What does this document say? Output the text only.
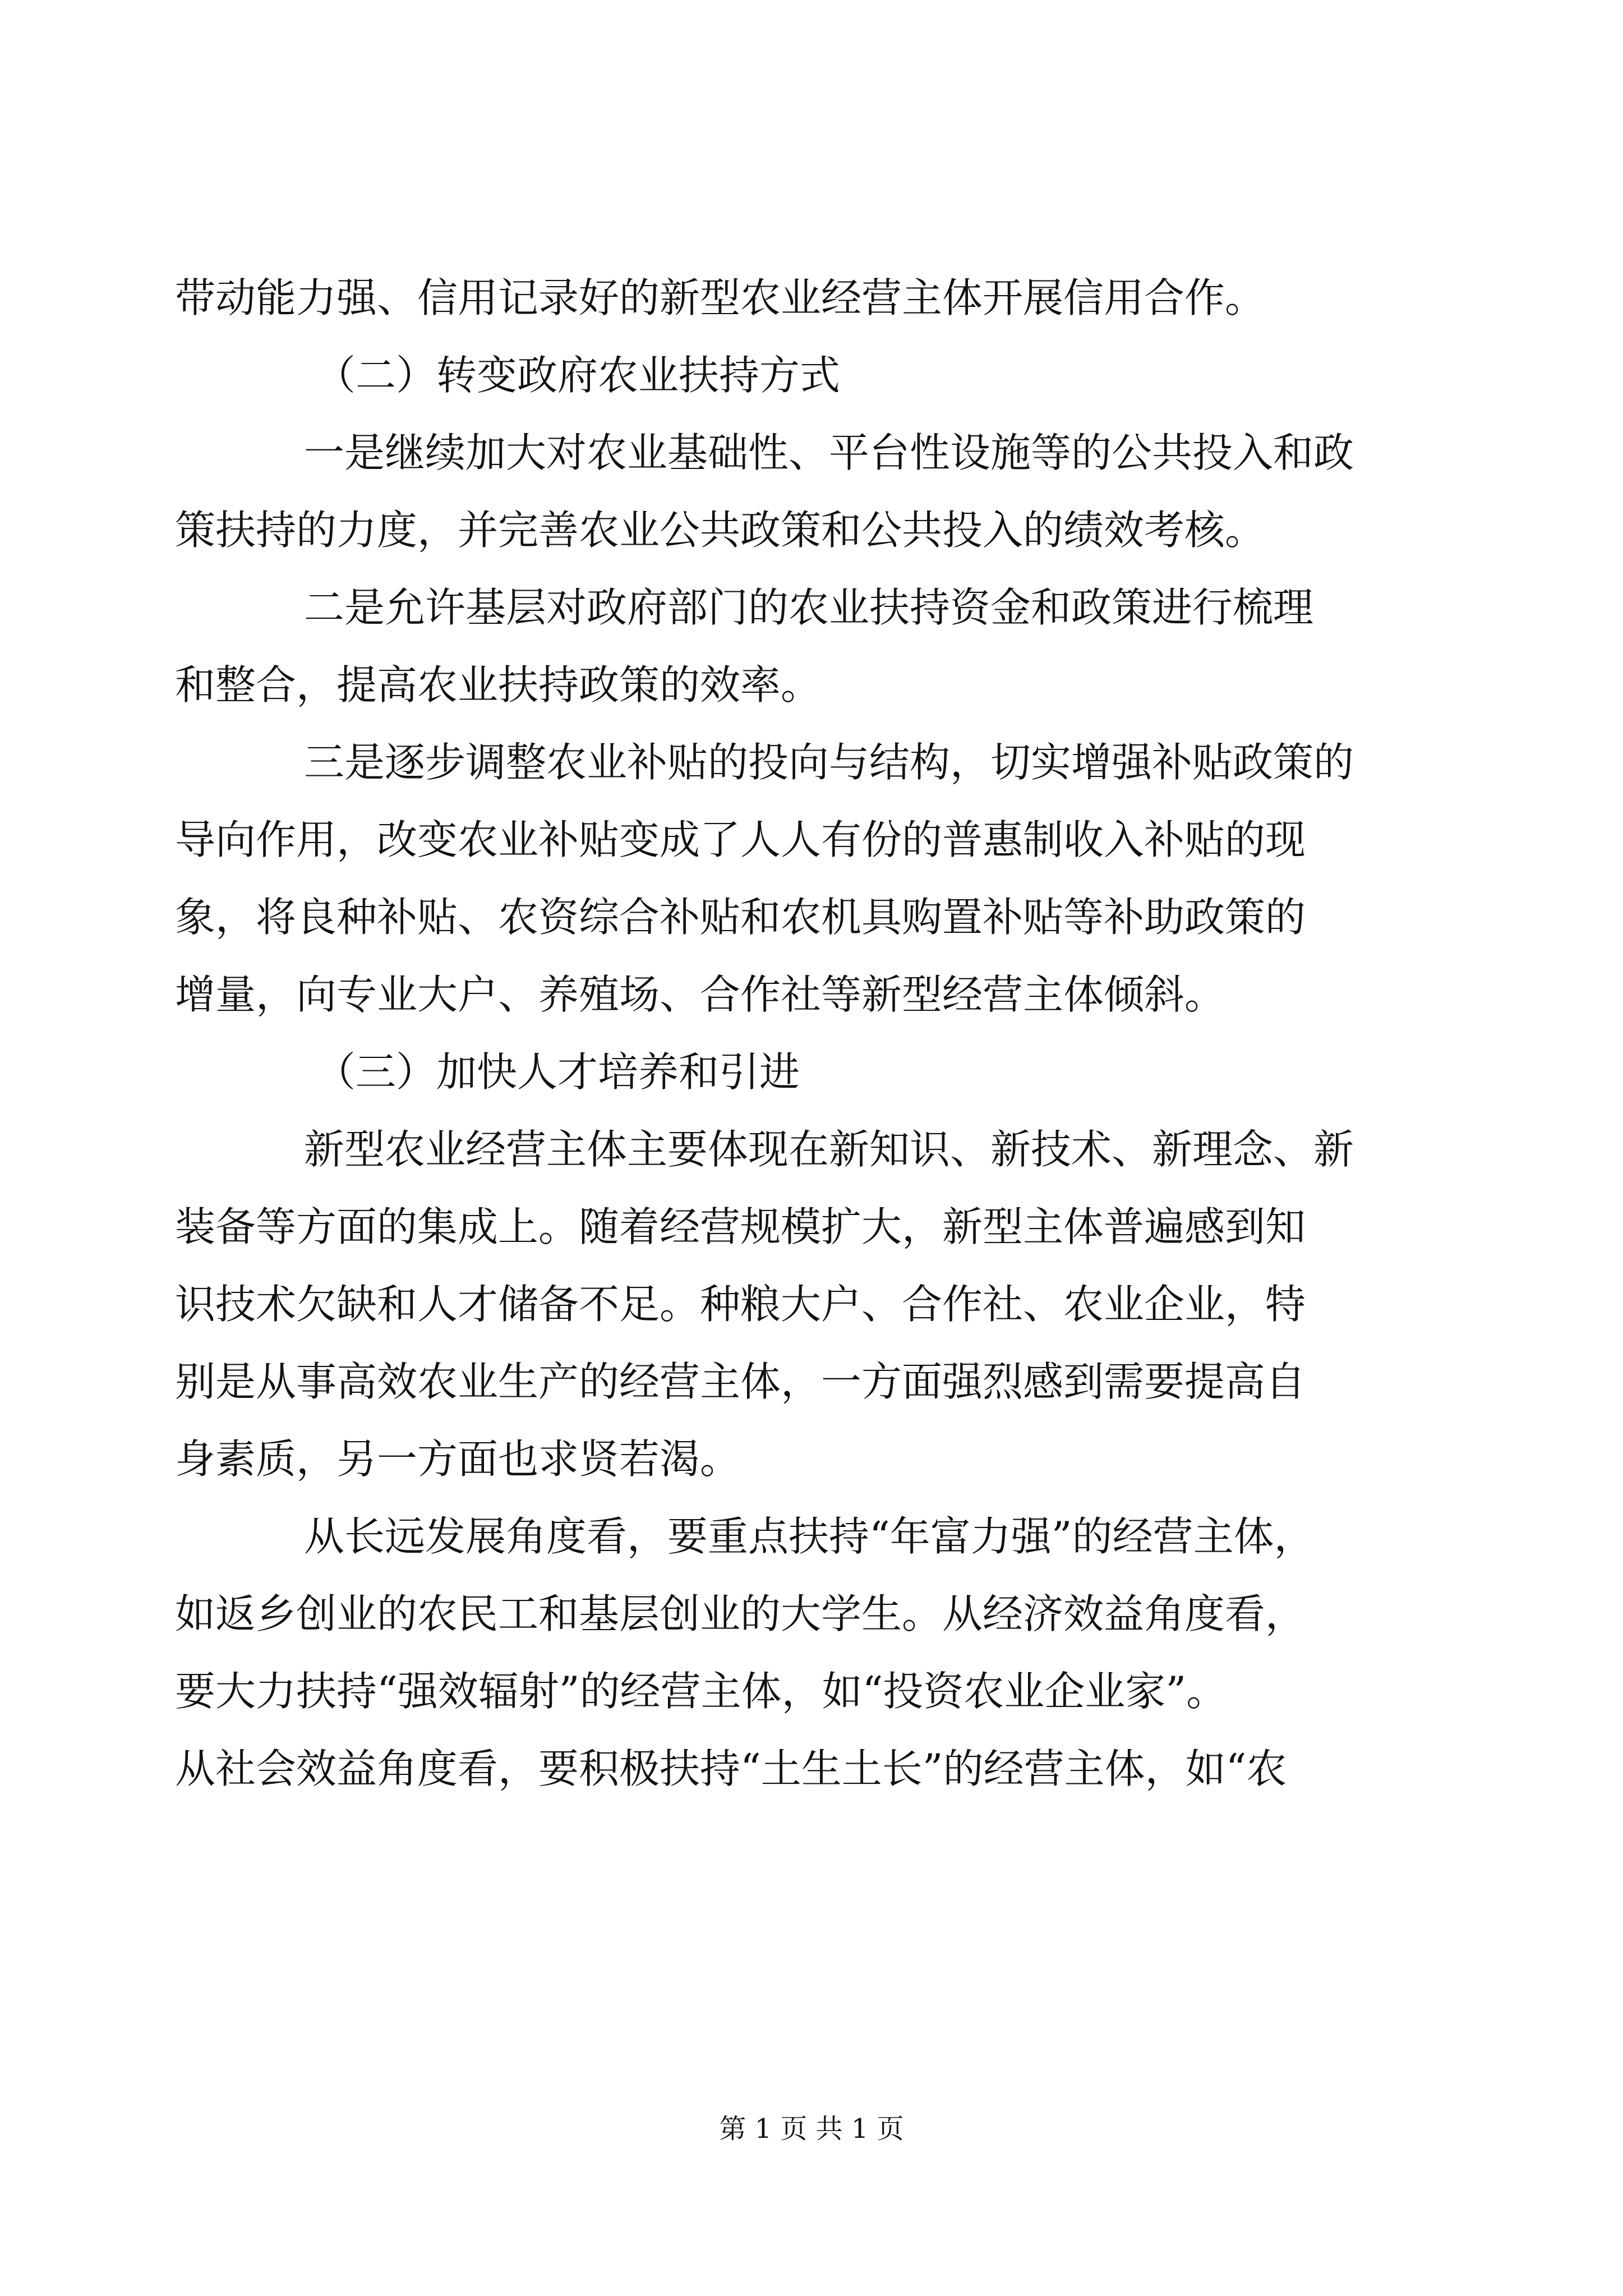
带动能力强、信用记录好的新型农业经营主体开展信用合作。
（二）转变政府农业扶持方式
一是继续加大对农业基础性、平台性设施等的公共投入和政
策扶持的力度，并完善农业公共政策和公共投入的绩效考核。
二是允许基层对政府部门的农业扶持资金和政策进行梳理
和整合，提高农业扶持政策的效率。
三是逐步调整农业补贴的投向与结构，切实增强补贴政策的
导向作用，改变农业补贴变成了人人有份的普惠制收入补贴的现
象，将良种补贴、农资综合补贴和农机具购置补贴等补助政策的
增量，向专业大户、养殖场、合作社等新型经营主体倾斜。
（三）加快人才培养和引进
新型农业经营主体主要体现在新知识、新技术、新理念、新
装备等方面的集成上。随着经营规模扩大，新型主体普遍感到知
识技术欠缺和人才储备不足。种粮大户、合作社、农业企业，特
别是从事高效农业生产的经营主体，一方面强烈感到需要提高自
身素质，另一方面也求贤若渴。
从长远发展角度看，要重点扶持“年富力强”的经营主体，
如返乡创业的农民工和基层创业的大学生。从经济效益角度看，
要大力扶持“强效辐射”的经营主体，如“投资农业企业家”。
从社会效益角度看，要积极扶持“土生土长”的经营主体，如“农
第 1 页 共 1 页
